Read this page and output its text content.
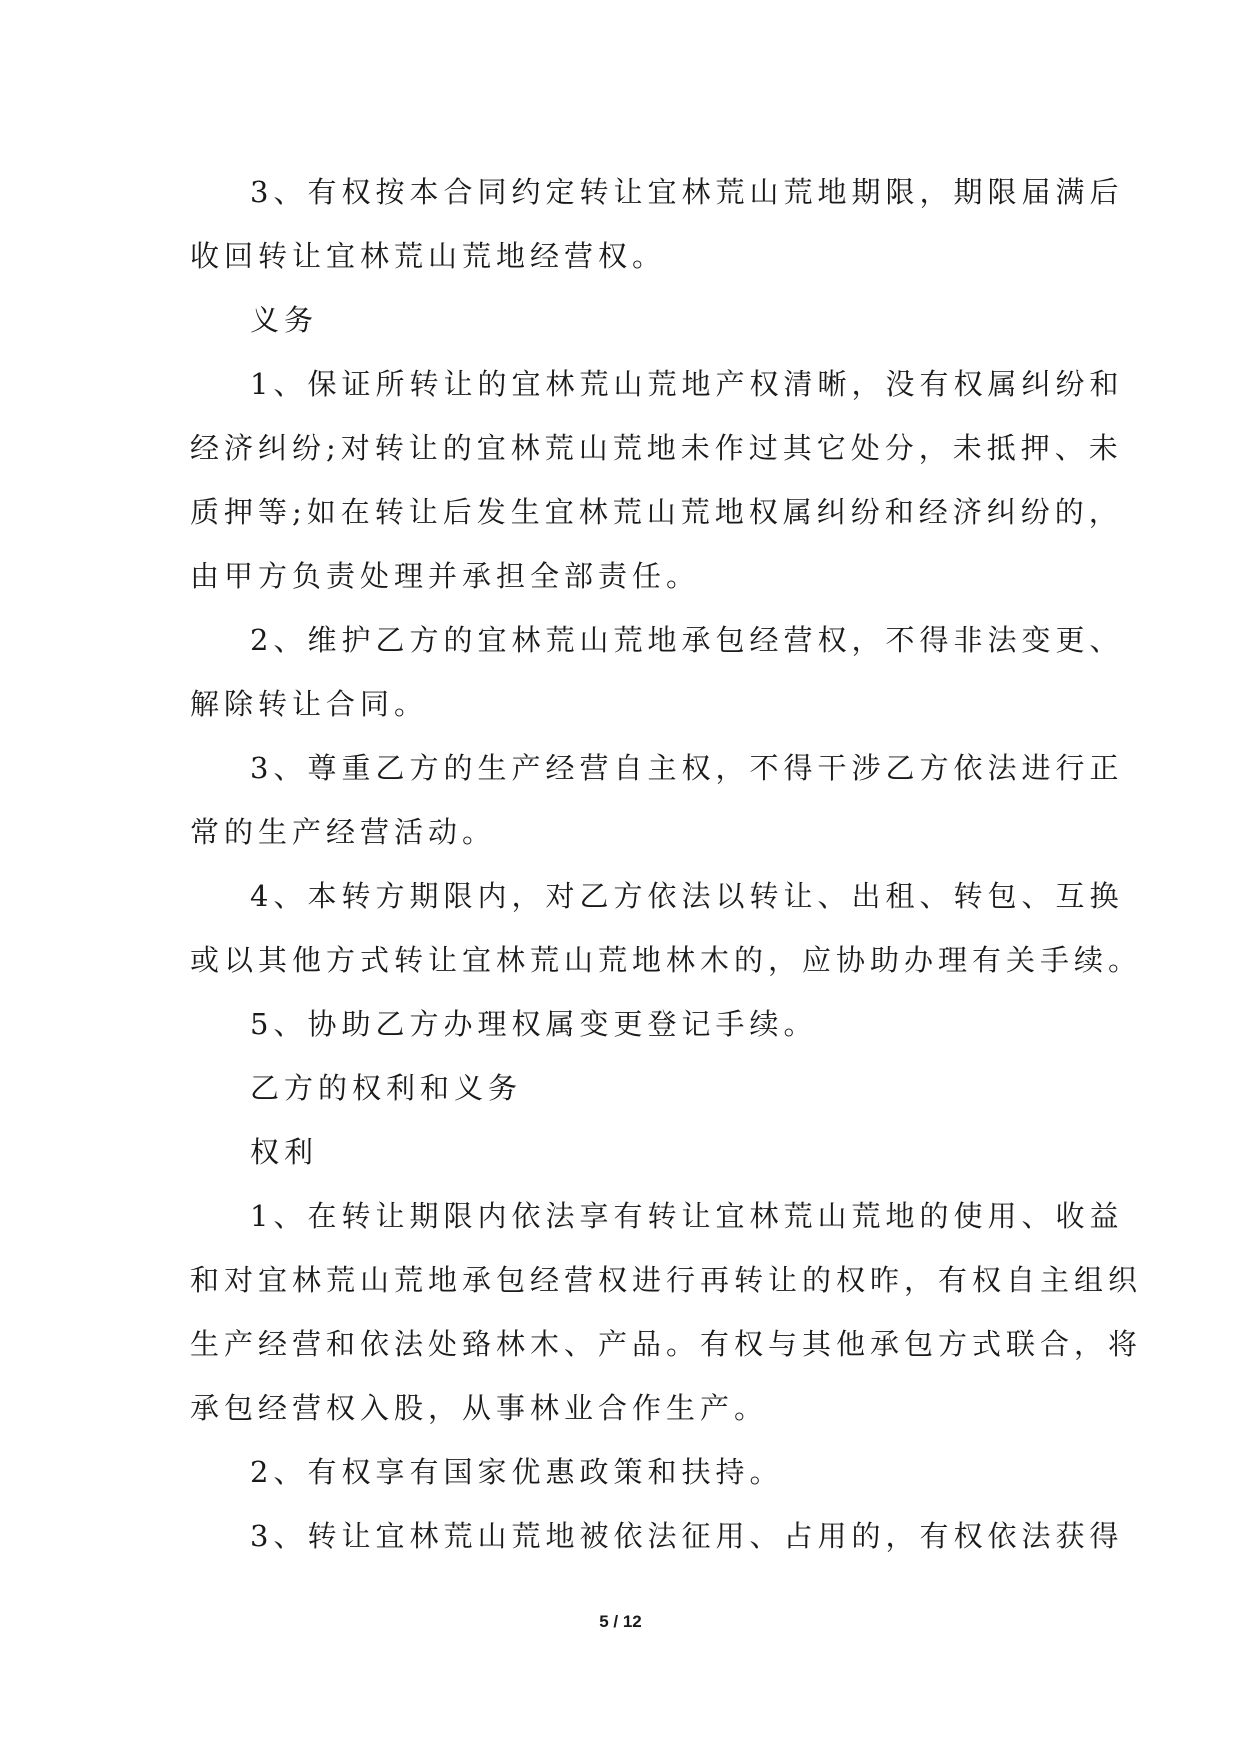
3、有权按本合同约定转让宜林荒山荒地期限，期限届满后
收回转让宜林荒山荒地经营权。
义务
1、保证所转让的宜林荒山荒地产权清晰，没有权属纠纷和
经济纠纷;对转让的宜林荒山荒地未作过其它处分，未抵押、未
质押等;如在转让后发生宜林荒山荒地权属纠纷和经济纠纷的，
由甲方负责处理并承担全部责任。
2、维护乙方的宜林荒山荒地承包经营权，不得非法变更、
解除转让合同。
3、尊重乙方的生产经营自主权，不得干涉乙方依法进行正
常的生产经营活动。
4、本转方期限内，对乙方依法以转让、出租、转包、互换
或以其他方式转让宜林荒山荒地林木的，应协助办理有关手续。
5、协助乙方办理权属变更登记手续。
乙方的权利和义务
权利
1、在转让期限内依法享有转让宜林荒山荒地的使用、收益
和对宜林荒山荒地承包经营权进行再转让的权昨，有权自主组织
生产经营和依法处臵林木、产品。有权与其他承包方式联合，将
承包经营权入股，从事林业合作生产。
2、有权享有国家优惠政策和扶持。
3、转让宜林荒山荒地被依法征用、占用的，有权依法获得
5 / 12
